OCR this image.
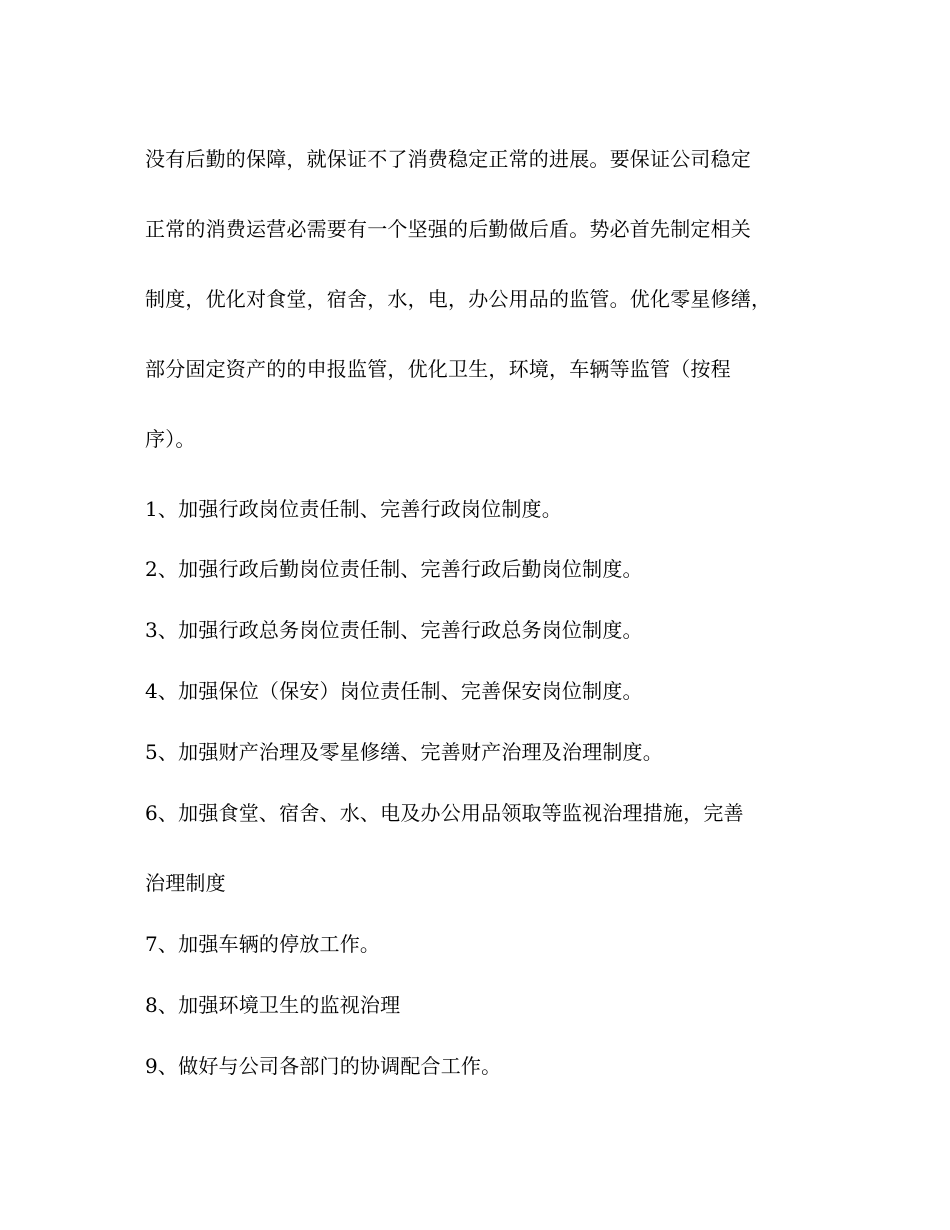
没有后勤的保障，就保证不了消费稳定正常的进展。要保证公司稳定
正常的消费运营必需要有一个坚强的后勤做后盾。势必首先制定相关
制度，优化对食堂，宿舍，水，电，办公用品的监管。优化零星修缮，
部分固定资产的的申报监管，优化卫生，环境，车辆等监管（按程
序）。
1、加强行政岗位责任制、完善行政岗位制度。
2、加强行政后勤岗位责任制、完善行政后勤岗位制度。
3、加强行政总务岗位责任制、完善行政总务岗位制度。
4、加强保位（保安）岗位责任制、完善保安岗位制度。
5、加强财产治理及零星修缮、完善财产治理及治理制度。
6、加强食堂、宿舍、水、电及办公用品领取等监视治理措施，完善
治理制度
7、加强车辆的停放工作。
8、加强环境卫生的监视治理
9、做好与公司各部门的协调配合工作。
